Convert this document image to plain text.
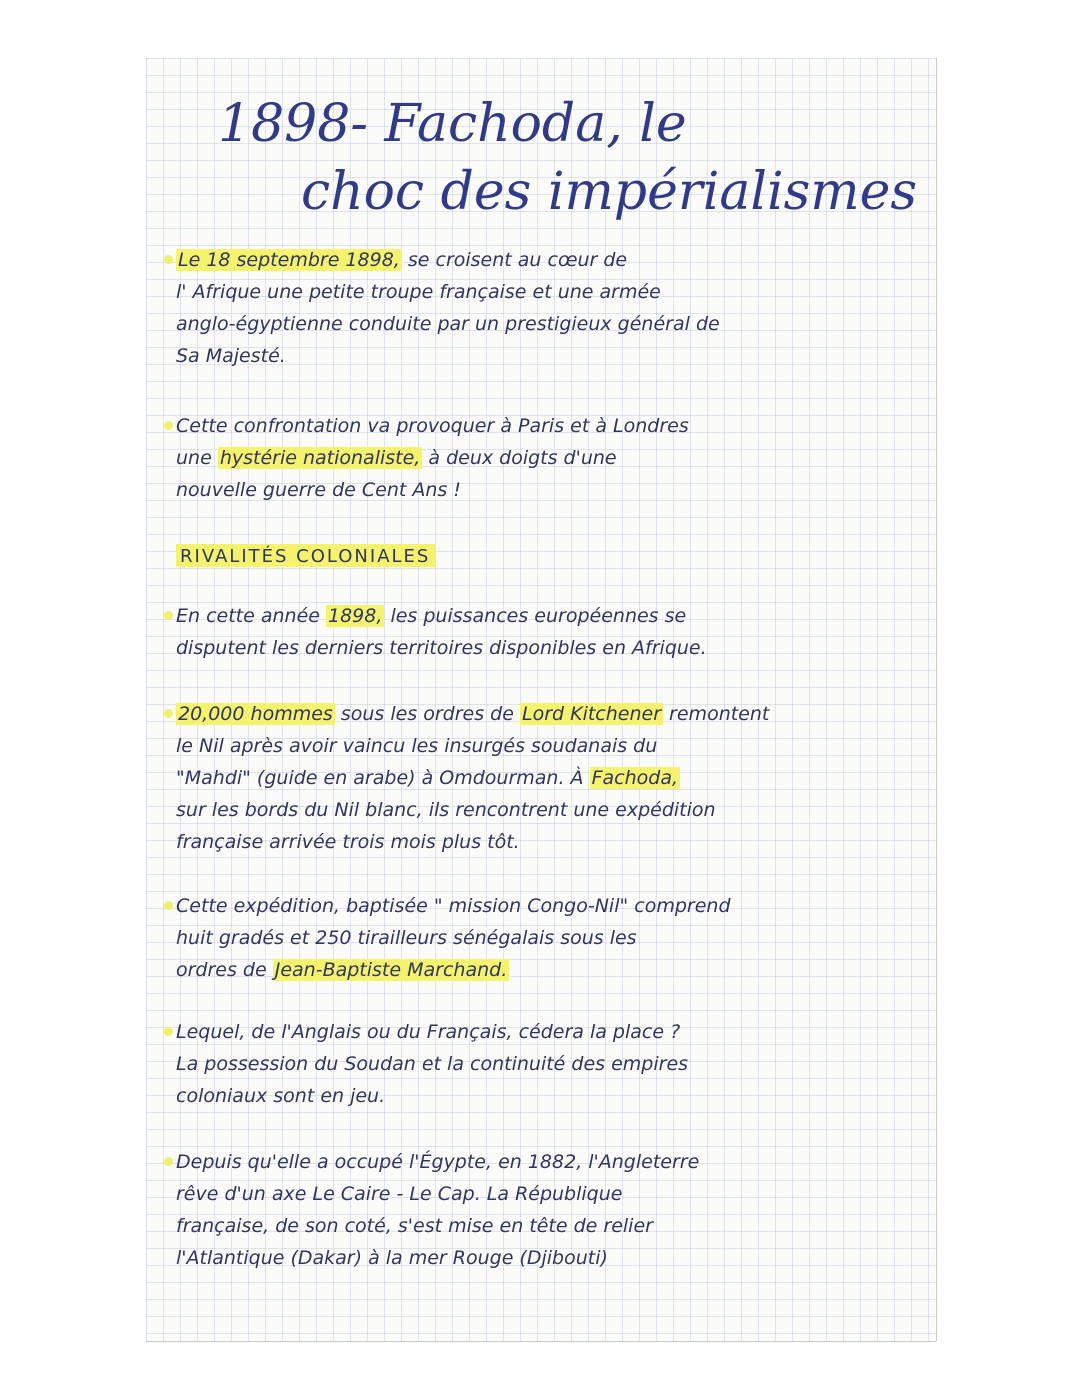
1898- Fachoda, le
choc des impérialismes
Le 18 septembre 1898, se croisent au cœur de
l' Afrique une petite troupe française et une armée
anglo-égyptienne conduite par un prestigieux général de
Sa Majesté.
Cette confrontation va provoquer à Paris et à Londres
une hystérie nationaliste, à deux doigts d'une
nouvelle guerre de Cent Ans !
RIVALITÉS COLONIALES
En cette année 1898, les puissances européennes se
disputent les derniers territoires disponibles en Afrique.
20,000 hommes sous les ordres de Lord Kitchener remontent
le Nil après avoir vaincu les insurgés soudanais du
"Mahdi" (guide en arabe) à Omdourman. À Fachoda,
sur les bords du Nil blanc, ils rencontrent une expédition
française arrivée trois mois plus tôt.
Cette expédition, baptisée " mission Congo-Nil" comprend
huit gradés et 250 tirailleurs sénégalais sous les
ordres de Jean-Baptiste Marchand.
Lequel, de l'Anglais ou du Français, cédera la place ?
La possession du Soudan et la continuité des empires
coloniaux sont en jeu.
Depuis qu'elle a occupé l'Égypte, en 1882, l'Angleterre
rêve d'un axe Le Caire - Le Cap. La République
française, de son coté, s'est mise en tête de relier
l'Atlantique (Dakar) à la mer Rouge (Djibouti)
